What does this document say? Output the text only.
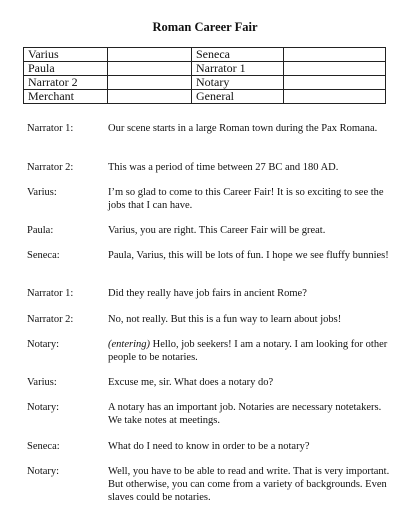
Roman Career Fair
Varius		Seneca	
Paula		Narrator 1	
Narrator 2		Notary	
Merchant		General	
Narrator 1:	Our scene starts in a large Roman town during the Pax Romana.
Narrator 2:	This was a period of time between 27 BC and 180 AD.
Varius:	I’m so glad to come to this Career Fair! It is so exciting to see the jobs that I can have.
Paula:	Varius, you are right. This Career Fair will be great.
Seneca:	Paula, Varius, this will be lots of fun. I hope we see fluffy bunnies!
Narrator 1:	Did they really have job fairs in ancient Rome?
Narrator 2:	No, not really. But this is a fun way to learn about jobs!
Notary:	(entering) Hello, job seekers! I am a notary. I am looking for other people to be notaries.
Varius:	Excuse me, sir. What does a notary do?
Notary:	A notary has an important job. Notaries are necessary notetakers. We take notes at meetings.
Seneca:	What do I need to know in order to be a notary?
Notary:	Well, you have to be able to read and write. That is very important. But otherwise, you can come from a variety of backgrounds. Even slaves could be notaries.
